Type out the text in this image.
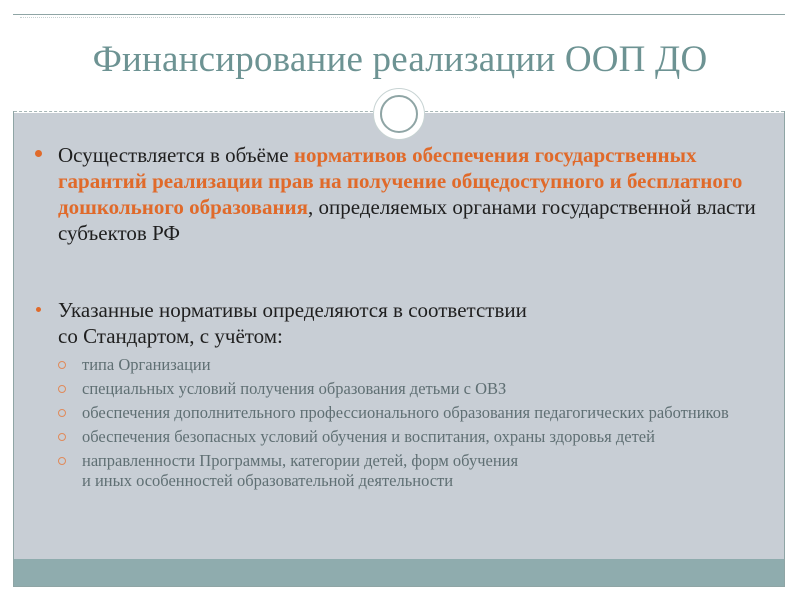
Финансирование реализации ООП ДО
Осуществляется в объёме нормативов обеспечения государственных гарантий реализации прав на получение общедоступного и бесплатного дошкольного образования, определяемых органами государственной власти субъектов РФ
Указанные нормативы определяются в соответствии
со Стандартом, с учётом:
типа Организации
специальных условий получения образования детьми с ОВЗ
обеспечения дополнительного профессионального образования педагогических работников
обеспечения безопасных условий обучения и воспитания, охраны здоровья детей
направленности Программы, категории детей, форм обучения
и иных особенностей образовательной деятельности
